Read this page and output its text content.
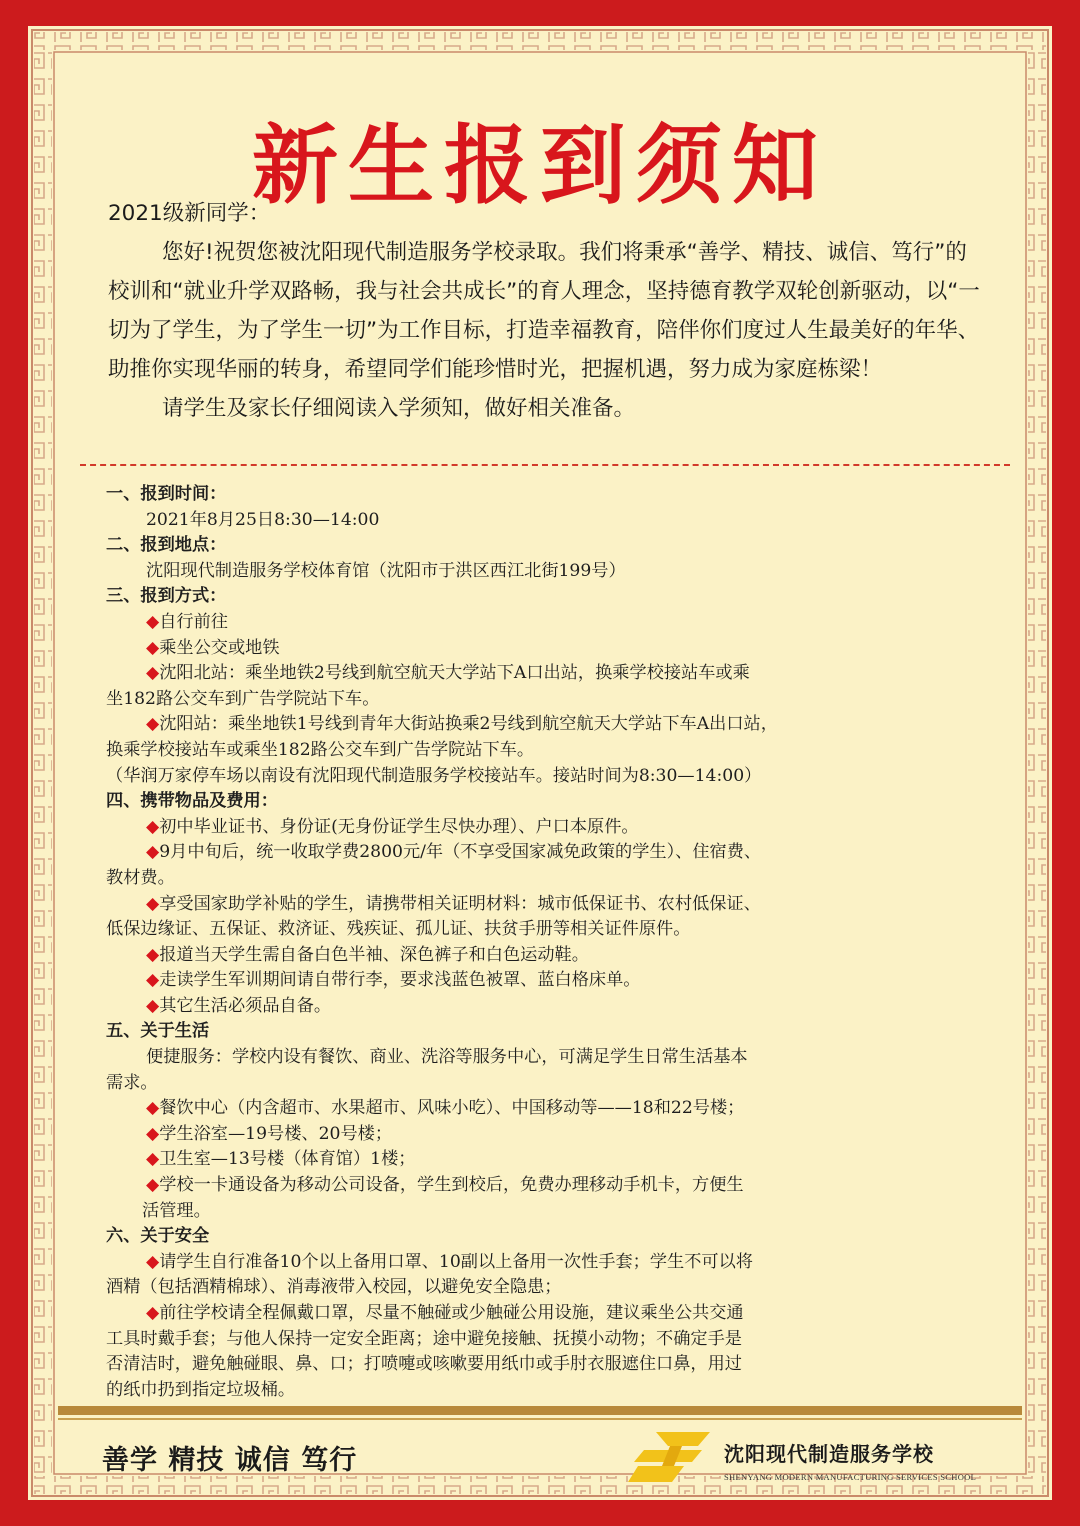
新生报到须知
2021级新同学：
您好!祝贺您被沈阳现代制造服务学校录取。我们将秉承“善学、精技、诚信、笃行”的校训和“就业升学双路畅，我与社会共成长”的育人理念，坚持德育教学双轮创新驱动，以“一切为了学生，为了学生一切”为工作目标，打造幸福教育，陪伴你们度过人生最美好的年华、助推你实现华丽的转身，希望同学们能珍惜时光，把握机遇，努力成为家庭栋梁！
请学生及家长仔细阅读入学须知，做好相关准备。
一、报到时间：
2021年8月25日8:30—14:00
二、报到地点：
沈阳现代制造服务学校体育馆（沈阳市于洪区西江北街199号）
三、报到方式：
◆自行前往
◆乘坐公交或地铁
◆沈阳北站：乘坐地铁2号线到航空航天大学站下A口出站，换乘学校接站车或乘
坐182路公交车到广告学院站下车。
◆沈阳站：乘坐地铁1号线到青年大街站换乘2号线到航空航天大学站下车A出口站，
换乘学校接站车或乘坐182路公交车到广告学院站下车。
（华润万家停车场以南设有沈阳现代制造服务学校接站车。接站时间为8:30—14:00）
四、携带物品及费用：
◆初中毕业证书、身份证(无身份证学生尽快办理）、户口本原件。
◆9月中旬后，统一收取学费2800元/年（不享受国家减免政策的学生）、住宿费、
教材费。
◆享受国家助学补贴的学生，请携带相关证明材料：城市低保证书、农村低保证、
低保边缘证、五保证、救济证、残疾证、孤儿证、扶贫手册等相关证件原件。
◆报道当天学生需自备白色半袖、深色裤子和白色运动鞋。
◆走读学生军训期间请自带行李，要求浅蓝色被罩、蓝白格床单。
◆其它生活必须品自备。
五、关于生活
便捷服务：学校内设有餐饮、商业、洗浴等服务中心，可满足学生日常生活基本
需求。
◆餐饮中心（内含超市、水果超市、风味小吃）、中国移动等——18和22号楼；
◆学生浴室—19号楼、20号楼；
◆卫生室—13号楼（体育馆）1楼；
◆学校一卡通设备为移动公司设备，学生到校后，免费办理移动手机卡，方便生
活管理。
六、关于安全
◆请学生自行准备10个以上备用口罩、10副以上备用一次性手套；学生不可以将
酒精（包括酒精棉球）、消毒液带入校园，以避免安全隐患；
◆前往学校请全程佩戴口罩，尽量不触碰或少触碰公用设施，建议乘坐公共交通
工具时戴手套；与他人保持一定安全距离；途中避免接触、抚摸小动物；不确定手是
否清洁时，避免触碰眼、鼻、口；打喷嚏或咳嗽要用纸巾或手肘衣服遮住口鼻，用过
的纸巾扔到指定垃圾桶。
善学 精技 诚信 笃行	沈阳现代制造服务学校
SHENYANG MODERN MANUFACTURING SERVICES SCHOOL
